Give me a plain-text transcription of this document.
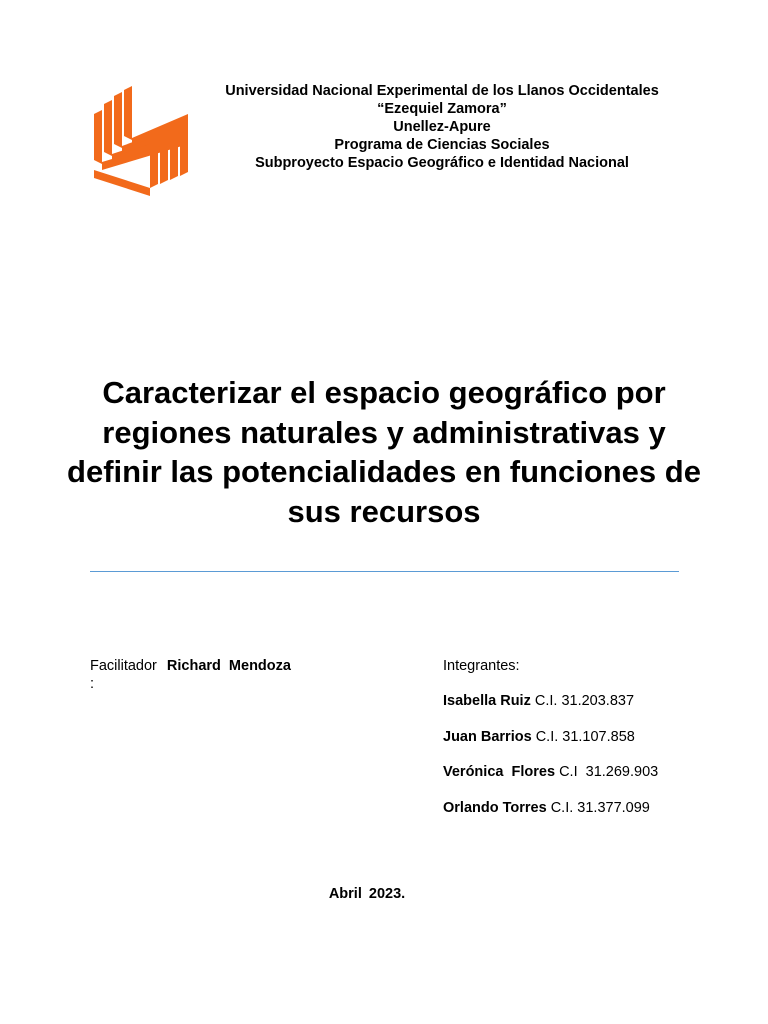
Universidad Nacional Experimental de los Llanos Occidentales
“Ezequiel Zamora”
Unellez-Apure
Programa de Ciencias Sociales
Subproyecto Espacio Geográfico e Identidad Nacional
Caracterizar el espacio geográfico por regiones naturales y administrativas y definir las potencialidades en funciones de sus recursos
Facilitador Richard Mendoza
:
Integrantes:
Isabella Ruiz C.I. 31.203.837
Juan Barrios C.I. 31.107.858
Verónica  Flores C.I  31.269.903
Orlando Torres C.I. 31.377.099
Abril 2023.
